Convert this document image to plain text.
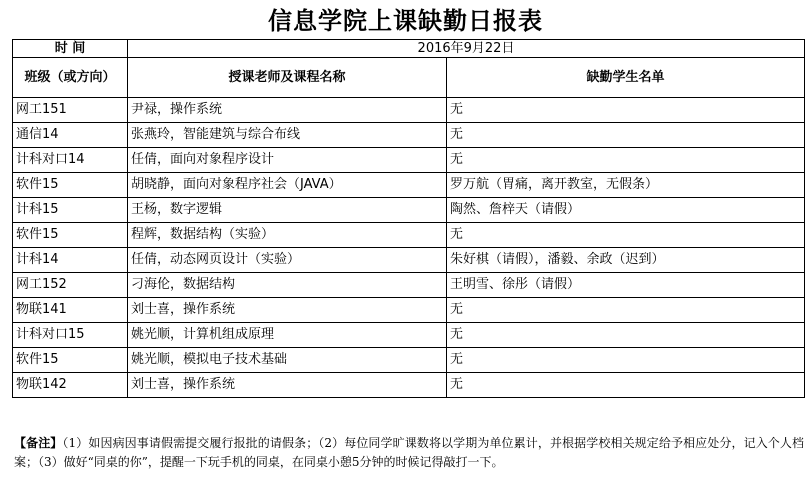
信息学院上课缺勤日报表
时 间	2016年9月22日	
班级（或方向）	授课老师及课程名称	缺勤学生名单
网工151	尹禄，操作系统	无
通信14	张燕玲，智能建筑与综合布线	无
计科对口14	任倩，面向对象程序设计	无
软件15	胡晓静，面向对象程序社会（JAVA）	罗万航（胃痛，离开教室，无假条）
计科15	王杨，数字逻辑	陶然、詹梓天（请假）
软件15	程辉，数据结构（实验）	无
计科14	任倩，动态网页设计（实验）	朱好棋（请假），潘毅、余政（迟到）
网工152	刁海伦，数据结构	王明雪、徐彤（请假）
物联141	刘士喜，操作系统	无
计科对口15	姚光顺，计算机组成原理	无
软件15	姚光顺，模拟电子技术基础	无
物联142	刘士喜，操作系统	无
【备注】（1）如因病因事请假需提交履行报批的请假条；（2）每位同学旷课数将以学期为单位累计，并根据学校相关规定给予相应处分，记入个人档案；（3）做好“同桌的你”，提醒一下玩手机的同桌，在同桌小憩5分钟的时候记得敲打一下。
